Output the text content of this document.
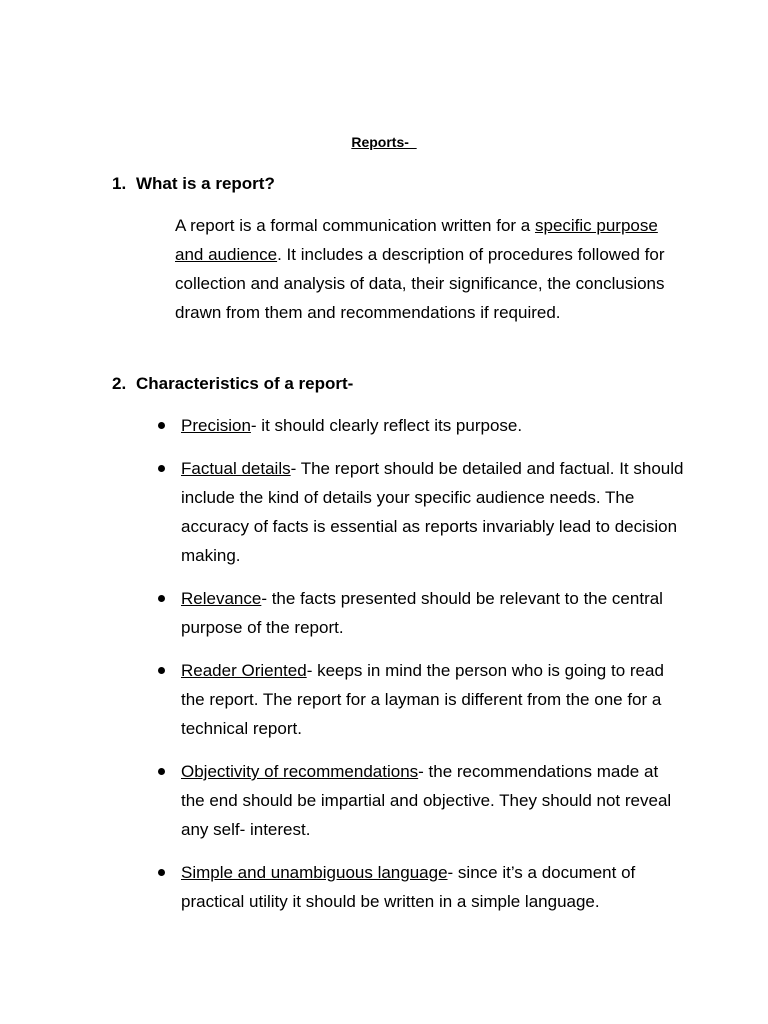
Reports-
1. What is a report?
A report is a formal communication written for a specific purpose and audience. It includes a description of procedures followed for collection and analysis of data, their significance, the conclusions drawn from them and recommendations if required.
2. Characteristics of a report-
Precision- it should clearly reflect its purpose.
Factual details- The report should be detailed and factual. It should include the kind of details your specific audience needs. The accuracy of facts is essential as reports invariably lead to decision making.
Relevance- the facts presented should be relevant to the central purpose of the report.
Reader Oriented- keeps in mind the person who is going to read the report. The report for a layman is different from the one for a technical report.
Objectivity of recommendations- the recommendations made at the end should be impartial and objective. They should not reveal any self- interest.
Simple and unambiguous language- since it’s a document of practical utility it should be written in a simple language.
